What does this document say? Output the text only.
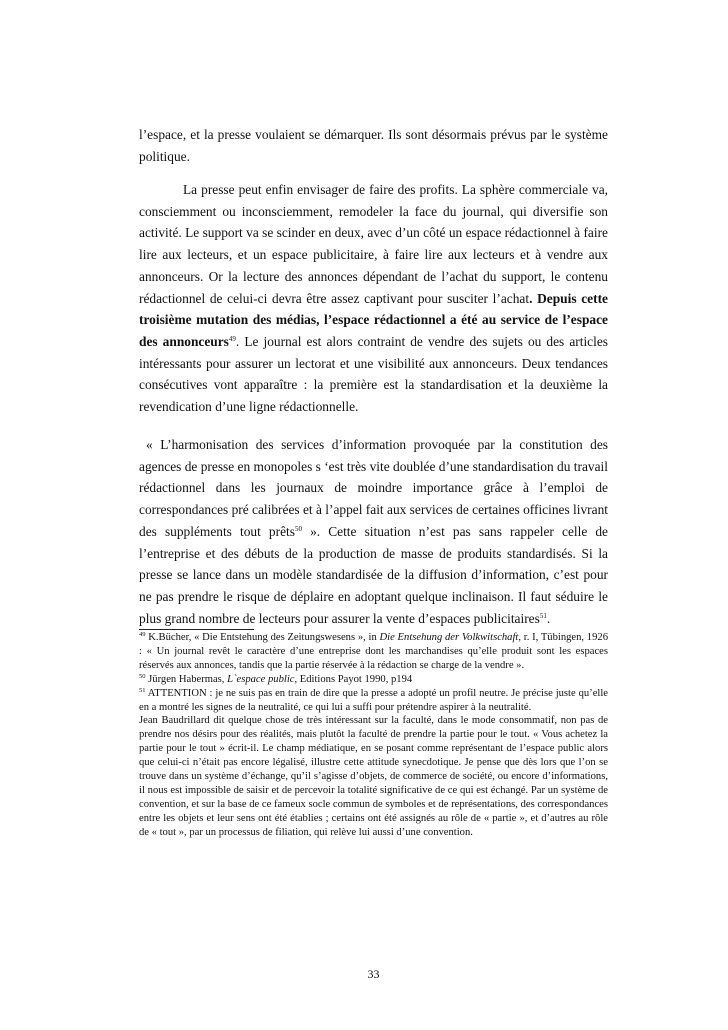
l’espace, et la presse voulaient se démarquer. Ils sont désormais prévus par le système politique.

La presse peut enfin envisager de faire des profits. La sphère commerciale va, consciemment ou inconsciemment, remodeler la face du journal, qui diversifie son activité. Le support va se scinder en deux, avec d’un côté un espace rédactionnel à faire lire aux lecteurs, et un espace publicitaire, à faire lire aux lecteurs et à vendre aux annonceurs. Or la lecture des annonces dépendant de l’achat du support, le contenu rédactionnel de celui-ci devra être assez captivant pour susciter l’achat. Depuis cette troisième mutation des médias, l’espace rédactionnel a été au service de l’espace des annonceurs$^{49}$. Le journal est alors contraint de vendre des sujets ou des articles intéressants pour assurer un lectorat et une visibilité aux annonceurs. Deux tendances consécutives vont apparaître : la première est la standardisation et la deuxième la revendication d’une ligne rédactionnelle.

« L’harmonisation des services d’information provoquée par la constitution des agences de presse en monopoles s ‘est très vite doublée d’une standardisation du travail rédactionnel dans les journaux de moindre importance grâce à l’emploi de correspondances pré calibrées et à l’appel fait aux services de certaines officines livrant des suppléments tout prêts$^{50}$ ». Cette situation n’est pas sans rappeler celle de l’entreprise et des débuts de la production de masse de produits standardisés. Si la presse se lance dans un modèle standardisée de la diffusion d’information, c’est pour ne pas prendre le risque de déplaire en adoptant quelque inclinaison. Il faut séduire le plus grand nombre de lecteurs pour assurer la vente d’espaces publicitaires$^{51}$.

$^{49}$ K.Bücher, « Die Entstehung des Zeitungswesens », in Die Entsehung der Volkwitschaft, r. I, Tübingen, 1926 : « Un journal revêt le caractère d’une entreprise dont les marchandises qu’elle produit sont les espaces réservés aux annonces, tandis que la partie réservée à la rédaction se charge de la vendre ».

$^{50}$ Jürgen Habermas, L`espace public, Editions Payot 1990, p194

$^{51}$ ATTENTION : je ne suis pas en train de dire que la presse a adopté un profil neutre. Je précise juste qu’elle en a montré les signes de la neutralité, ce qui lui a suffi pour prétendre aspirer à la neutralité.

Jean Baudrillard dit quelque chose de très intéressant sur la faculté, dans le mode consommatif, non pas de prendre nos désirs pour des réalités, mais plutôt la faculté de prendre la partie pour le tout. « Vous achetez la partie pour le tout » écrit-il. Le champ médiatique, en se posant comme représentant de l’espace public alors que celui-ci n’était pas encore légalisé, illustre cette attitude synecdotique. Je pense que dès lors que l’on se trouve dans un système d’échange, qu’il s’agisse d’objets, de commerce de société, ou encore d’informations, il nous est impossible de saisir et de percevoir la totalité significative de ce qui est échangé. Par un système de convention, et sur la base de ce fameux socle commun de symboles et de représentations, des correspondances entre les objets et leur sens ont été établies ; certains ont été assignés au rôle de « partie », et d’autres au rôle de « tout », par un processus de filiation, qui relève lui aussi d’une convention.

33
